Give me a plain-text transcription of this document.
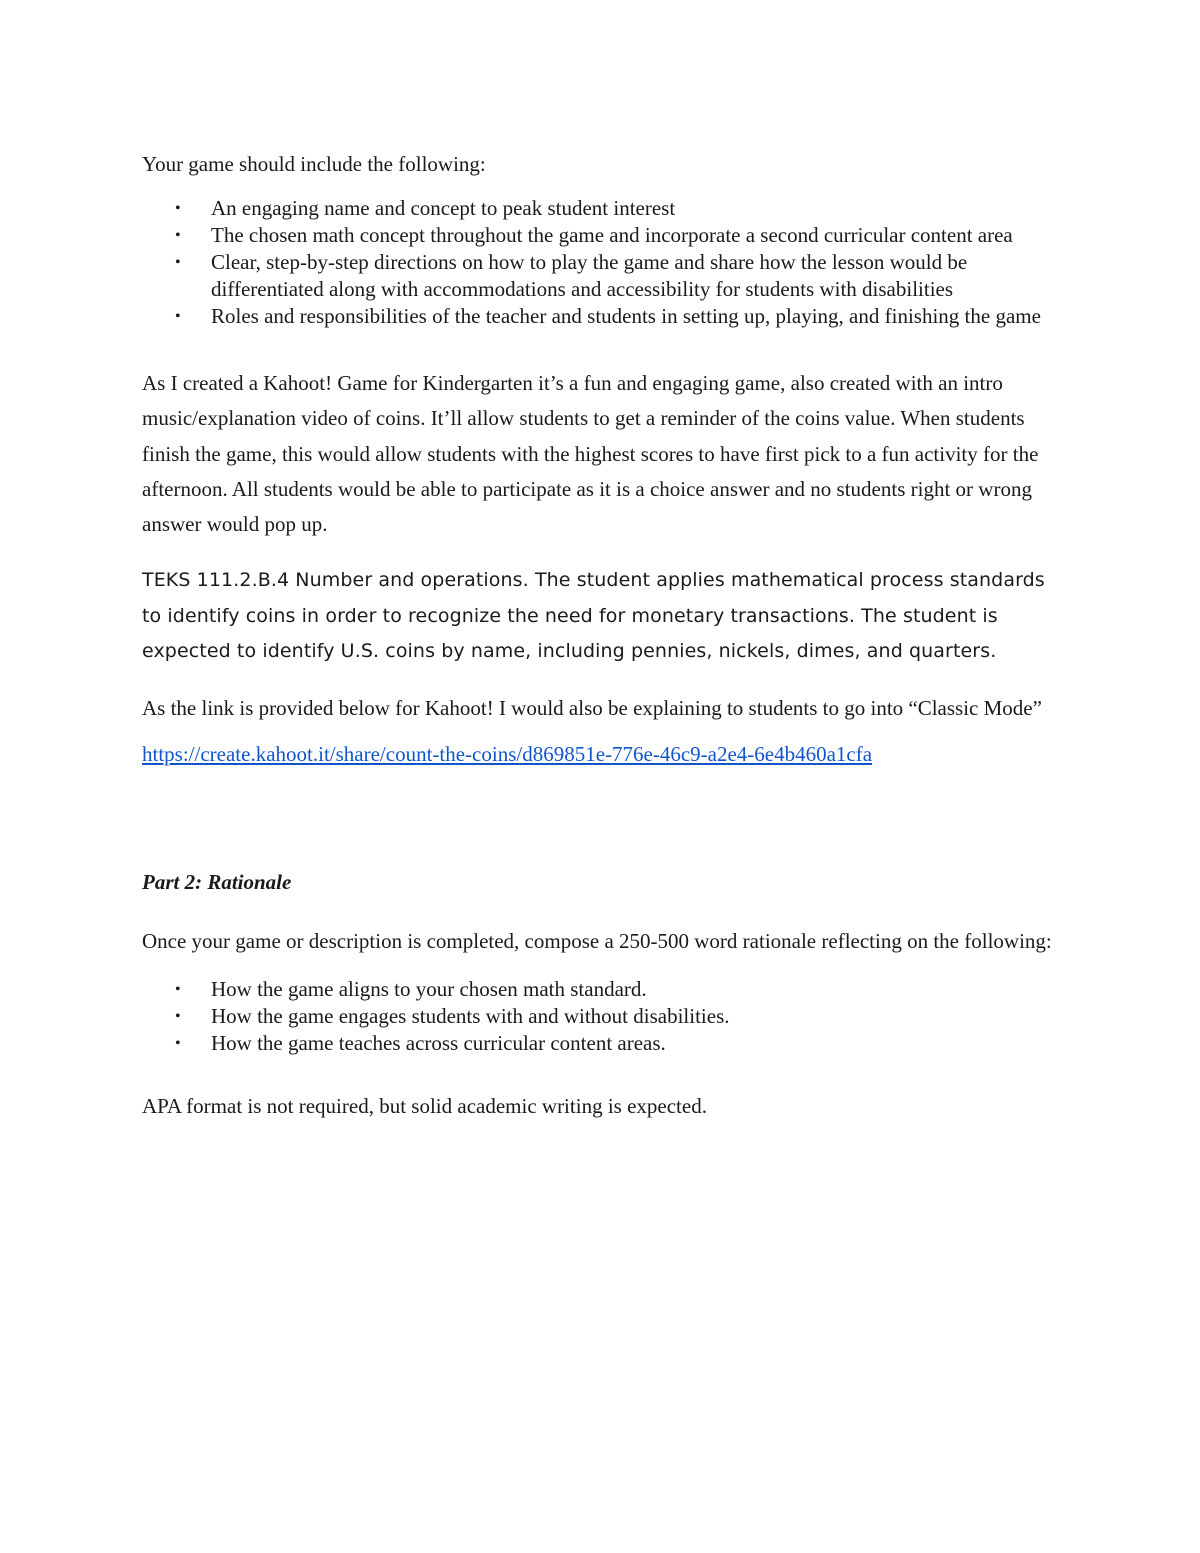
Your game should include the following:

• An engaging name and concept to peak student interest
• The chosen math concept throughout the game and incorporate a second curricular content area
• Clear, step-by-step directions on how to play the game and share how the lesson would be differentiated along with accommodations and accessibility for students with disabilities
• Roles and responsibilities of the teacher and students in setting up, playing, and finishing the game

As I created a Kahoot! Game for Kindergarten it’s a fun and engaging game, also created with an intro music/explanation video of coins. It’ll allow students to get a reminder of the coins value. When students finish the game, this would allow students with the highest scores to have first pick to a fun activity for the afternoon. All students would be able to participate as it is a choice answer and no students right or wrong answer would pop up.

TEKS 111.2.B.4 Number and operations. The student applies mathematical process standards to identify coins in order to recognize the need for monetary transactions. The student is expected to identify U.S. coins by name, including pennies, nickels, dimes, and quarters.

As the link is provided below for Kahoot! I would also be explaining to students to go into “Classic Mode”

https://create.kahoot.it/share/count-the-coins/d869851e-776e-46c9-a2e4-6e4b460a1cfa

Part 2: Rationale

Once your game or description is completed, compose a 250-500 word rationale reflecting on the following:

• How the game aligns to your chosen math standard.
• How the game engages students with and without disabilities.
• How the game teaches across curricular content areas.

APA format is not required, but solid academic writing is expected.
